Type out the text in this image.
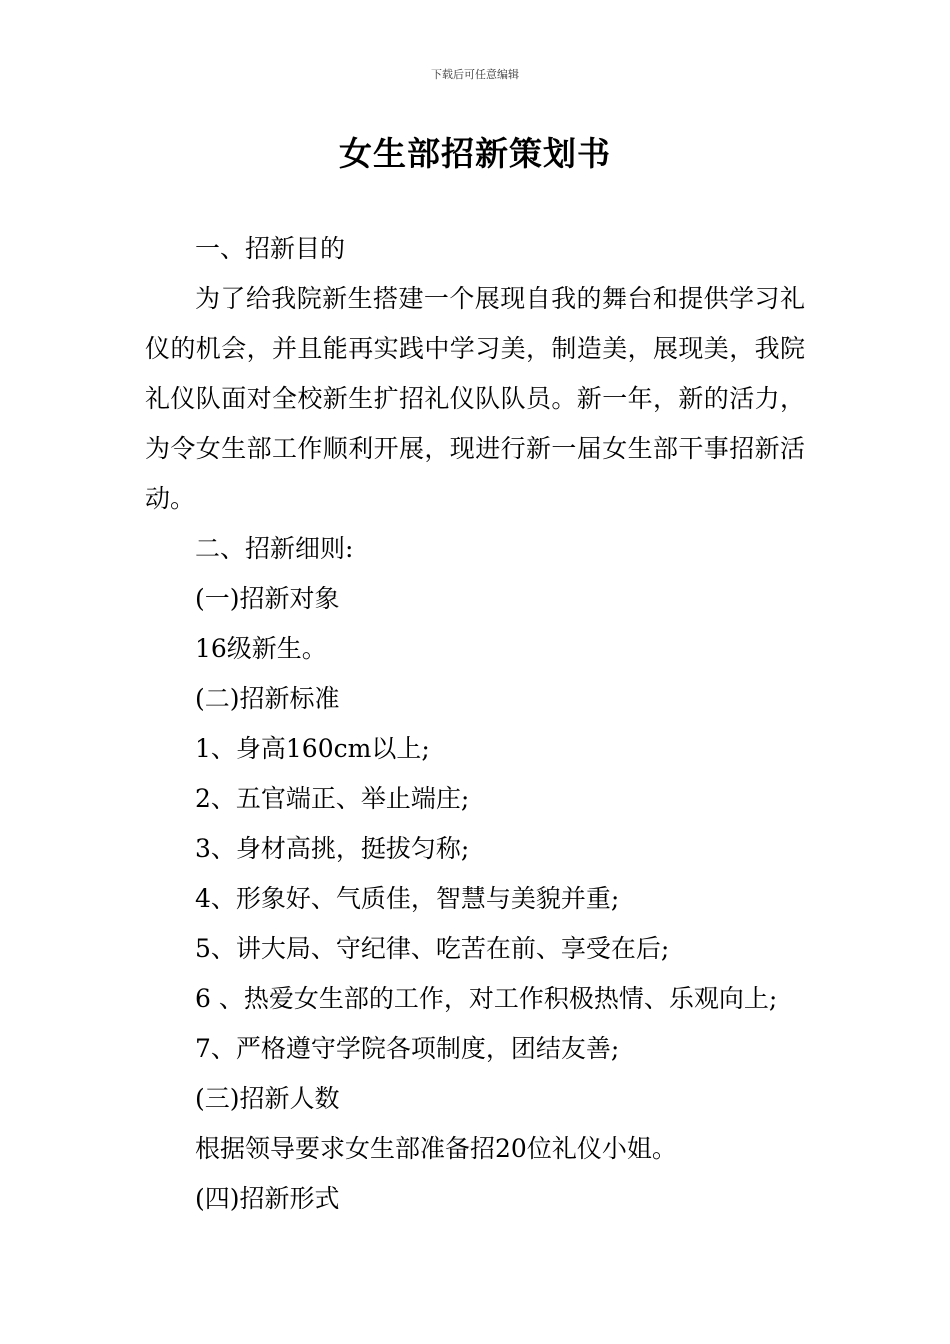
下载后可任意编辑
女生部招新策划书

一、招新目的

为了给我院新生搭建一个展现自我的舞台和提供学习礼仪的机会，并且能再实践中学习美，制造美，展现美，我院礼仪队面对全校新生扩招礼仪队队员。新一年，新的活力，为令女生部工作顺利开展，现进行新一届女生部干事招新活动。

二、招新细则:

(一)招新对象

16级新生。

(二)招新标准

1、身高160cm以上;

2、五官端正、举止端庄;

3、身材高挑，挺拔匀称;

4、形象好、气质佳，智慧与美貌并重;

5、讲大局、守纪律、吃苦在前、享受在后;

6 、热爱女生部的工作，对工作积极热情、乐观向上;

7、严格遵守学院各项制度，团结友善;

(三)招新人数

根据领导要求女生部准备招20位礼仪小姐。

(四)招新形式
